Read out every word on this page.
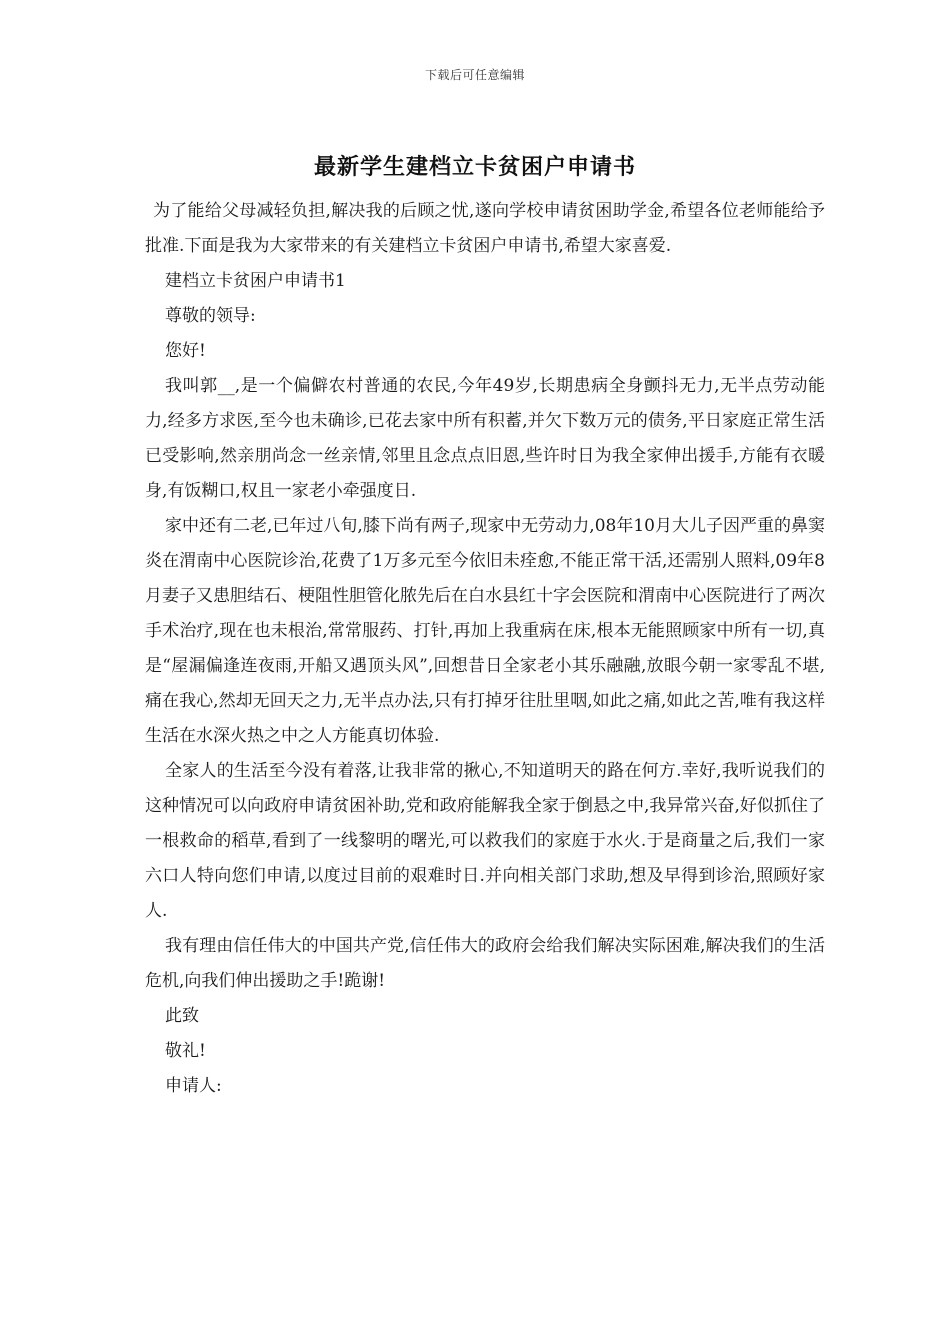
下载后可任意编辑
最新学生建档立卡贫困户申请书

为了能给父母减轻负担,解决我的后顾之忧,遂向学校申请贫困助学金,希望各位老师能给予批准.下面是我为大家带来的有关建档立卡贫困户申请书,希望大家喜爱.

建档立卡贫困户申请书1

尊敬的领导:

您好!

我叫郭__,是一个偏僻农村普通的农民,今年49岁,长期患病全身颤抖无力,无半点劳动能力,经多方求医,至今也未确诊,已花去家中所有积蓄,并欠下数万元的债务,平日家庭正常生活已受影响,然亲朋尚念一丝亲情,邻里且念点点旧恩,些许时日为我全家伸出援手,方能有衣暖身,有饭糊口,权且一家老小牵强度日.

家中还有二老,已年过八旬,膝下尚有两子,现家中无劳动力,08年10月大儿子因严重的鼻窦炎在渭南中心医院诊治,花费了1万多元至今依旧未痊愈,不能正常干活,还需别人照料,09年8月妻子又患胆结石、梗阻性胆管化脓先后在白水县红十字会医院和渭南中心医院进行了两次手术治疗,现在也未根治,常常服药、打针,再加上我重病在床,根本无能照顾家中所有一切,真是“屋漏偏逢连夜雨,开船又遇顶头风”,回想昔日全家老小其乐融融,放眼今朝一家零乱不堪,痛在我心,然却无回天之力,无半点办法,只有打掉牙往肚里咽,如此之痛,如此之苦,唯有我这样生活在水深火热之中之人方能真切体验.

全家人的生活至今没有着落,让我非常的揪心,不知道明天的路在何方.幸好,我听说我们的这种情况可以向政府申请贫困补助,党和政府能解我全家于倒悬之中,我异常兴奋,好似抓住了一根救命的稻草,看到了一线黎明的曙光,可以救我们的家庭于水火.于是商量之后,我们一家六口人特向您们申请,以度过目前的艰难时日.并向相关部门求助,想及早得到诊治,照顾好家人.

我有理由信任伟大的中国共产党,信任伟大的政府会给我们解决实际困难,解决我们的生活危机,向我们伸出援助之手!跪谢!

此致

敬礼!

申请人:
